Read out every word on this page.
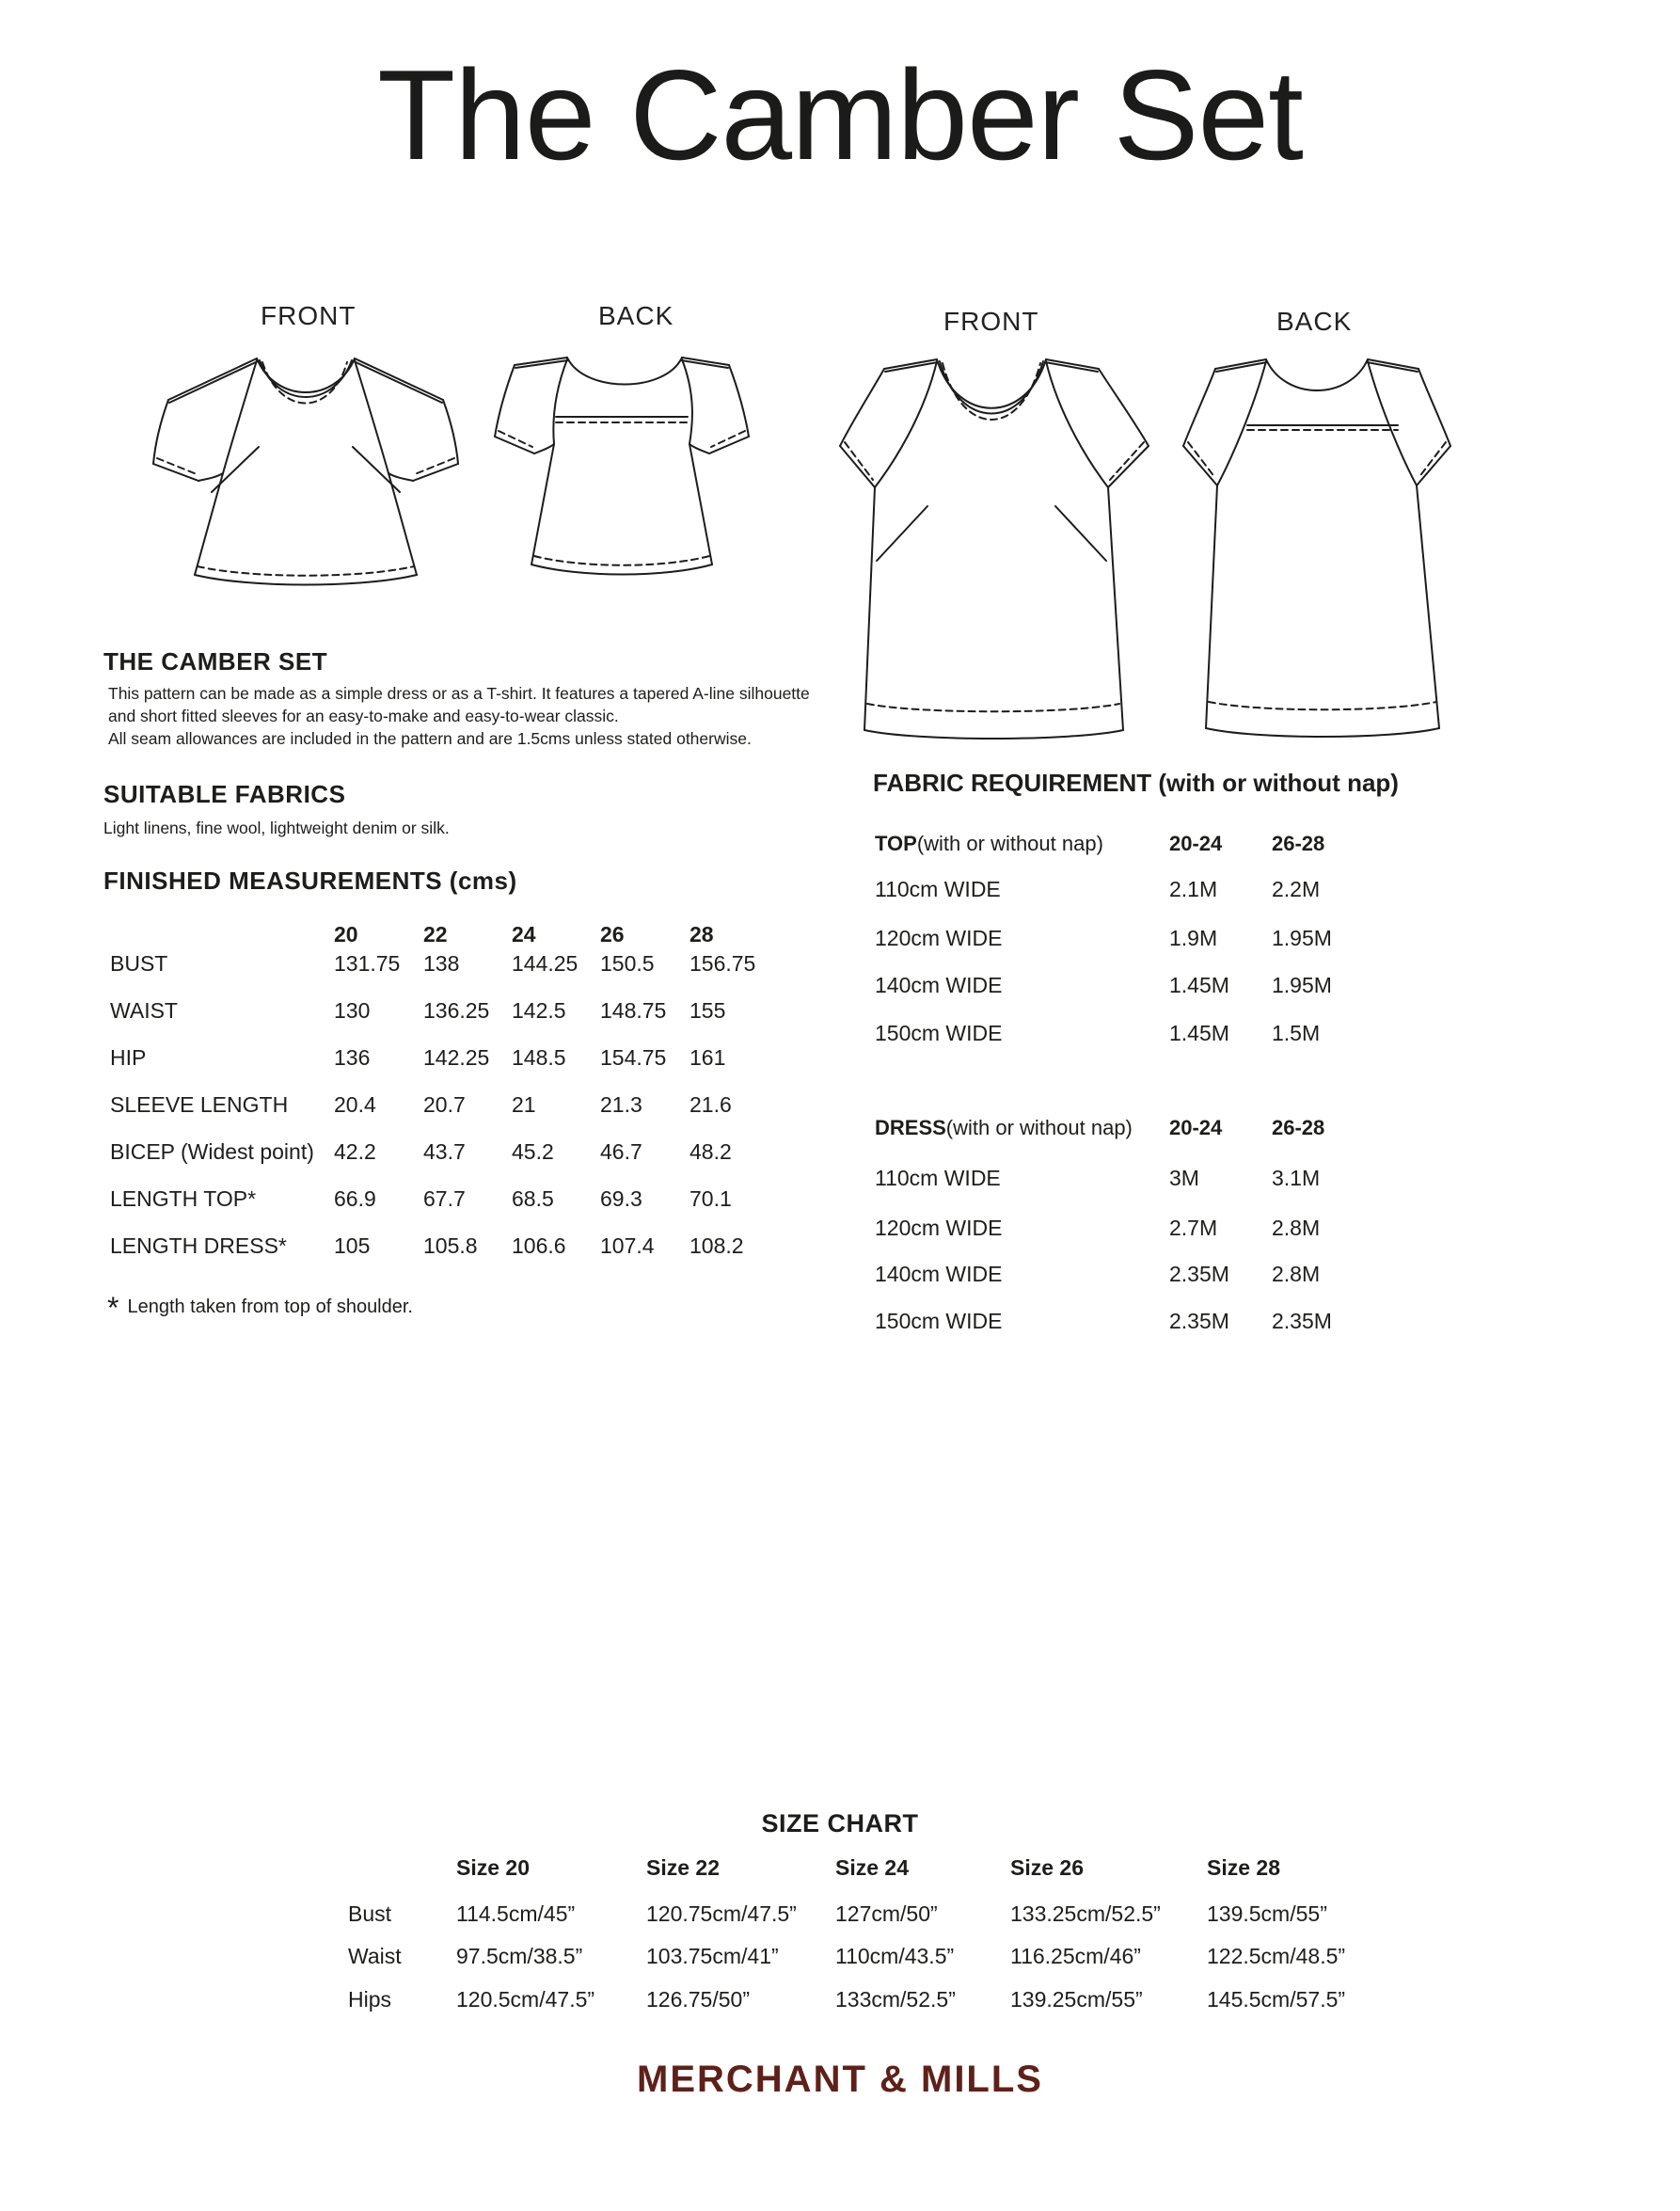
The Camber Set
FRONT	BACK	FRONT	BACK
THE CAMBER SET
This pattern can be made as a simple dress or as a T-shirt. It features a tapered A-line silhouette
and short fitted sleeves for an easy-to-make and easy-to-wear classic.
All seam allowances are included in the pattern and are 1.5cms unless stated otherwise.
SUITABLE FABRICS
Light linens, fine wool, lightweight denim or silk.
FINISHED MEASUREMENTS (cms)
20	22	24	26	28
BUST	131.75 138 144.25 150.5 156.75
WAIST	130 136.25 142.5 148.75 155
HIP	136 142.25 148.5 154.75 161
SLEEVE LENGTH 20.4 20.7 21	21.3 21.6
BICEP (Widest point) 42.2 43.7 45.2 46.7 48.2
LENGTH TOP*	66.9 67.7 68.5 69.3 70.1
LENGTH DRESS* 105 105.8 106.6 107.4 108.2
* Length taken from top of shoulder.
FABRIC REQUIREMENT (with or without nap)
TOP (with or without nap)	20-24 26-28
110cm WIDE	2.1M	2.2M
120cm WIDE	1.9M	1.95M
140cm WIDE	1.45M 1.95M
150cm WIDE	1.45M 1.5M
DRESS (with or without nap) 20-24 26-28
110cm WIDE	3M	3.1M
120cm WIDE	2.7M	2.8M
140cm WIDE	2.35M 2.8M
150cm WIDE	2.35M 2.35M
SIZE CHART
Size 20	Size 22	Size 24	Size 26	Size 28
Bust	114.5cm/45”	120.75cm/47.5” 127cm/50”	133.25cm/52.5” 139.5cm/55”
Waist	97.5cm/38.5”	103.75cm/41”	110cm/43.5”	116.25cm/46”	122.5cm/48.5”
Hips	120.5cm/47.5” 126.75/50”	133cm/52.5”	139.25cm/55”	145.5cm/57.5”
MERCHANT & MILLS
